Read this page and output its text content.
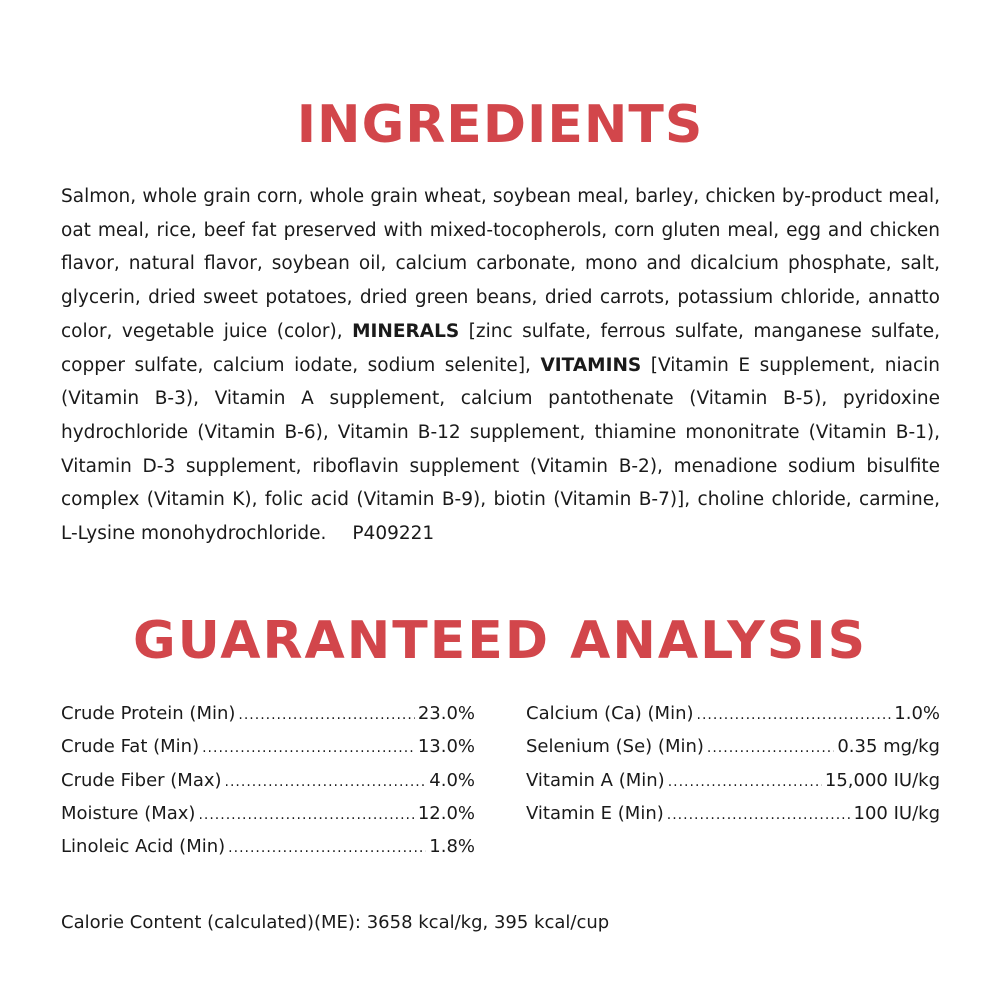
INGREDIENTS

Salmon, whole grain corn, whole grain wheat, soybean meal, barley, chicken by-product meal, oat meal, rice, beef fat preserved with mixed-tocopherols, corn gluten meal, egg and chicken flavor, natural flavor, soybean oil, calcium carbonate, mono and dicalcium phosphate, salt, glycerin, dried sweet potatoes, dried green beans, dried carrots, potassium chloride, annatto color, vegetable juice (color), MINERALS [zinc sulfate, ferrous sulfate, manganese sulfate, copper sulfate, calcium iodate, sodium selenite], VITAMINS [Vitamin E supplement, niacin (Vitamin B-3), Vitamin A supplement, calcium pantothenate (Vitamin B-5), pyridoxine hydrochloride (Vitamin B-6), Vitamin B-12 supplement, thiamine mononitrate (Vitamin B-1), Vitamin D-3 supplement, riboflavin supplement (Vitamin B-2), menadione sodium bisulfite complex (Vitamin K), folic acid (Vitamin B-9), biotin (Vitamin B-7)], choline chloride, carmine, L-Lysine monohydrochloride. P409221

GUARANTEED ANALYSIS
Crude Protein (Min) .....	23.0%
Crude Fat (Min) .....	13.0%
Crude Fiber (Max) .....	4.0%
Moisture (Max) .....	12.0%
Linoleic Acid (Min) .....	1.8%
Calcium (Ca) (Min) .....	1.0%
Selenium (Se) (Min) .....	0.35 mg/kg
Vitamin A (Min) .....	15,000 IU/kg
Vitamin E (Min) .....	100 IU/kg
Calorie Content (calculated)(ME): 3658 kcal/kg, 395 kcal/cup
